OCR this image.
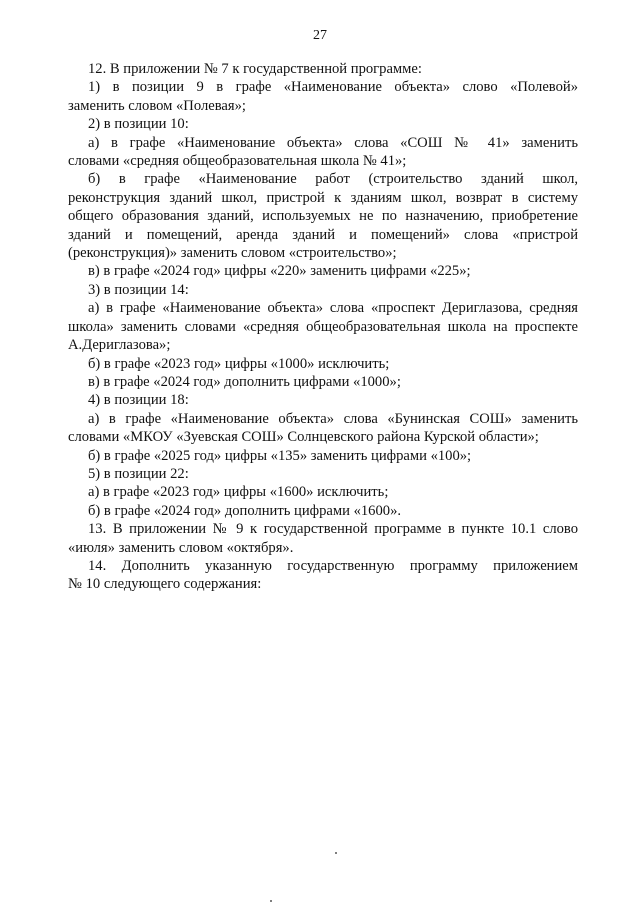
27
12. В приложении № 7 к государственной программе:
1) в позиции 9 в графе «Наименование объекта» слово «Полевой»
заменить словом «Полевая»;
2) в позиции 10:
а) в графе «Наименование объекта» слова «СОШ № 41» заменить
словами «средняя общеобразовательная школа № 41»;
б) в графе «Наименование работ (строительство зданий школ,
реконструкция зданий школ, пристрой к зданиям школ, возврат в систему
общего образования зданий, используемых не по назначению, приобретение
зданий и помещений, аренда зданий и помещений» слова «пристрой
(реконструкция)» заменить словом «строительство»;
в) в графе «2024 год» цифры «220» заменить цифрами «225»;
3) в позиции 14:
а) в графе «Наименование объекта» слова «проспект Дериглазова, средняя
школа» заменить словами «средняя общеобразовательная школа на проспекте
А.Дериглазова»;
б) в графе «2023 год» цифры «1000» исключить;
в) в графе «2024 год» дополнить цифрами «1000»;
4) в позиции 18:
а) в графе «Наименование объекта» слова «Бунинская СОШ» заменить
словами «МКОУ «Зуевская СОШ» Солнцевского района Курской области»;
б) в графе «2025 год» цифры «135» заменить цифрами «100»;
5) в позиции 22:
а) в графе «2023 год» цифры «1600» исключить;
б) в графе «2024 год» дополнить цифрами «1600».
13. В приложении № 9 к государственной программе в пункте 10.1 слово
«июля» заменить словом «октября».
14. Дополнить указанную государственную программу приложением
№ 10 следующего содержания:
